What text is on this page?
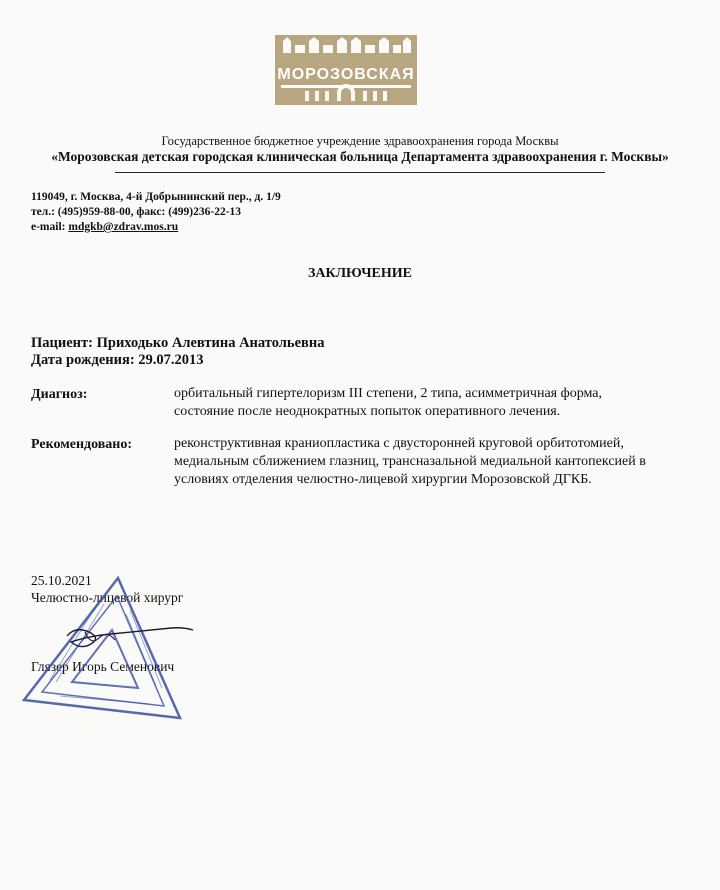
МОРОЗОВСКАЯ
Государственное бюджетное учреждение здравоохранения города Москвы
«Морозовская детская городская клиническая больница Департамента здравоохранения г. Москвы»
119049, г. Москва, 4-й Добрынинский пер., д. 1/9
тел.: (495)959-88-00, факс: (499)236-22-13
e-mail: mdgkb@zdrav.mos.ru
ЗАКЛЮЧЕНИЕ
Пациент: Приходько Алевтина Анатольевна
Дата рождения: 29.07.2013
Диагноз:	орбитальный гипертелоризм III степени, 2 типа, асимметричная форма,
состояние после неоднократных попыток оперативного лечения.
Рекомендовано:	реконструктивная краниопластика с двусторонней круговой орбитотомией,
медиальным сближением глазниц, трансназальной медиальной кантопексией в
условиях отделения челюстно-лицевой хирургии Морозовской ДГКБ.
25.10.2021
Челюстно-лицевой хирург
Глязер Игорь Семенович
